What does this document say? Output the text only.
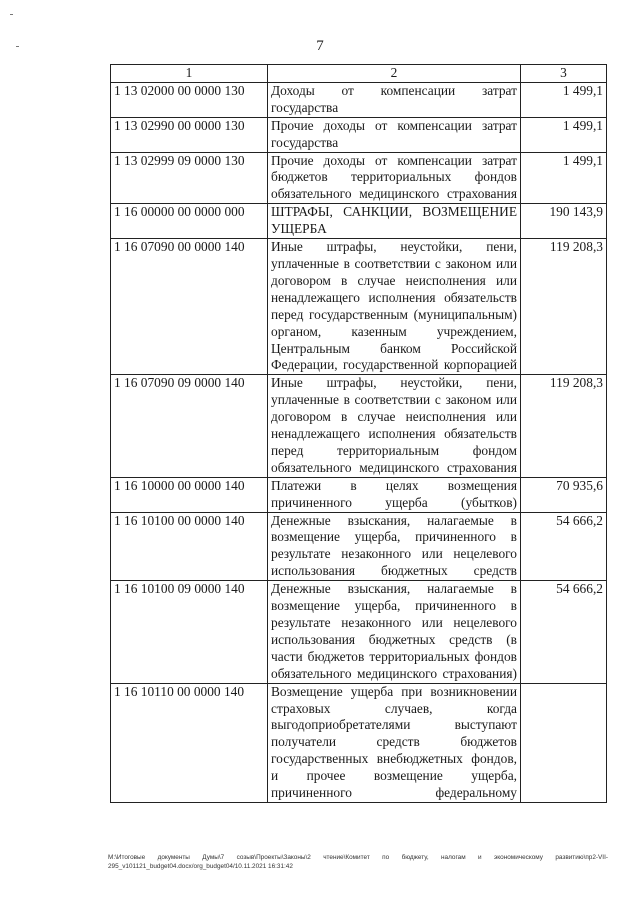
7
1	2	3
1 13 02000 00 0000 130	Доходы от компенсации затрат государства	1 499,1
1 13 02990 00 0000 130	Прочие доходы от компенсации затрат государства	1 499,1
1 13 02999 09 0000 130	Прочие доходы от компенсации затрат бюджетов территориальных фондов обязательного медицинского страхования	1 499,1
1 16 00000 00 0000 000	ШТРАФЫ, САНКЦИИ, ВОЗМЕЩЕНИЕ УЩЕРБА	190 143,9
1 16 07090 00 0000 140	Иные штрафы, неустойки, пени, уплаченные в соответствии с законом или договором в случае неисполнения или ненадлежащего исполнения обязательств перед государственным (муниципальным) органом, казенным учреждением, Центральным банком Российской Федерации, государственной корпорацией	119 208,3
1 16 07090 09 0000 140	Иные штрафы, неустойки, пени, уплаченные в соответствии с законом или договором в случае неисполнения или ненадлежащего исполнения обязательств перед территориальным фондом обязательного медицинского страхования	119 208,3
1 16 10000 00 0000 140	Платежи в целях возмещения причиненного ущерба (убытков)	70 935,6
1 16 10100 00 0000 140	Денежные взыскания, налагаемые в возмещение ущерба, причиненного в результате незаконного или нецелевого использования бюджетных средств	54 666,2
1 16 10100 09 0000 140	Денежные взыскания, налагаемые в возмещение ущерба, причиненного в результате незаконного или нецелевого использования бюджетных средств (в части бюджетов территориальных фондов обязательного медицинского страхования)	54 666,2
1 16 10110 00 0000 140	Возмещение ущерба при возникновении страховых случаев, когда выгодоприобретателями выступают получатели средств бюджетов государственных внебюджетных фондов, и прочее возмещение ущерба, причиненного федеральному	
M:\Итоговые документы Думы\7 созыв\Проекты\Законы\2 чтение\Комитет по бюджету, налогам и экономическому развитию\пр2-VII-295_v101121_budget04.docx/org_budget04/10.11.2021 16:31:42
